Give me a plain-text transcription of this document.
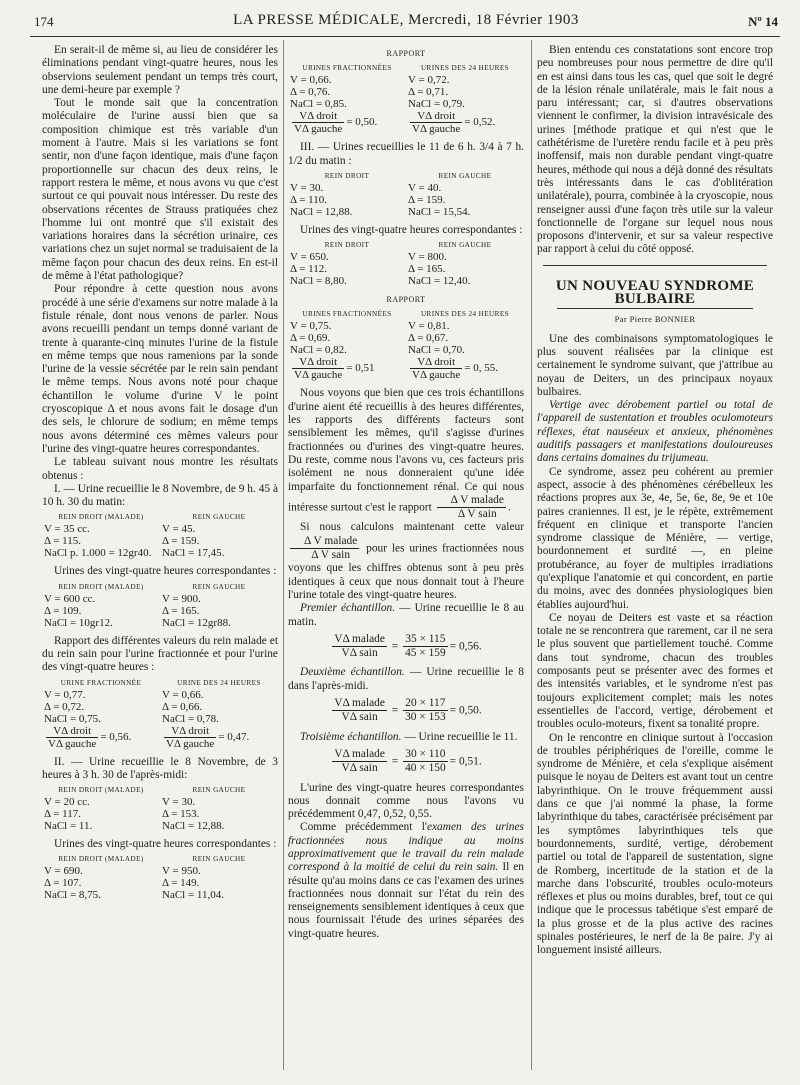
174	LA PRESSE MÉDICALE, Mercredi, 18 Février 1903	Nº 14

En serait-il de même si, au lieu de considérer les éliminations pendant vingt-quatre heures, nous les observions seulement pendant un temps très court, une demi-heure par exemple ?

Tout le monde sait que la concentration moléculaire de l'urine aussi bien que sa composition chimique est très variable d'un moment à l'autre. Mais si les variations se font sentir, non d'une façon identique, mais d'une façon proportionnelle sur chacun des deux reins, le rapport restera le même, et nous avons vu que c'est surtout ce qui pouvait nous intéresser. Du reste des observations récentes de Strauss pratiquées chez l'homme lui ont montré que s'il existait des variations horaires dans la sécrétion urinaire, ces variations chez un sujet normal se traduisaient de la même façon pour chacun des deux reins. En est-il de même à l'état pathologique?

Pour répondre à cette question nous avons procédé à une série d'examens sur notre malade à la fistule rénale, dont nous venons de parler. Nous avons recueilli pendant un temps donné variant de trente à quarante-cinq minutes l'urine de la fistule en même temps que nous ramenions par la sonde l'urine de la vessie sécrétée par le rein sain pendant le même temps. Nous avons noté pour chaque échantillon le volume d'urine V le point cryoscopique Δ et nous avons fait le dosage d'un des sels, le chlorure de sodium; en même temps nous avons déterminé ces mêmes valeurs pour l'urine des vingt-quatre heures correspondantes.

Le tableau suivant nous montre les résultats obtenus :

I. — Urine recueillie le 8 Novembre, de 9 h. 45 à 10 h. 30 du matin:

REIN DROIT (MALADE)	REIN GAUCHE
V = 35 cc.	V = 45.
Δ = 115.	Δ = 159.
NaCl p. 1.000 = 12gr40.	NaCl = 17,45.

Urines des vingt-quatre heures correspondantes :

REIN DROIT (MALADE)	REIN GAUCHE
V = 600 cc.	V = 900.
Δ = 109.	Δ = 165.
NaCl = 10gr12.	NaCl = 12gr88.

Rapport des différentes valeurs du rein malade et du rein sain pour l'urine fractionnée et pour l'urine des vingt-quatre heures :

URINE FRACTIONNÉE	URINE DES 24 HEURES
V = 0,77.	V = 0,66.
Δ = 0,72.	Δ = 0,66.
NaCl = 0,75.	NaCl = 0,78.

$\frac{\text{VΔ droit}}{\text{VΔ gauche}} = 0,56$.	$\frac{\text{VΔ droit}}{\text{VΔ gauche}} = 0,47$.

II. — Urine recueillie le 8 Novembre, de 3 heures à 3 h. 30 de l'après-midi:

REIN DROIT (MALADE)	REIN GAUCHE
V = 20 cc.	V = 30.
Δ = 117.	Δ = 153.
NaCl = 11.	NaCl = 12,88.

Urines des vingt-quatre heures correspondantes :

REIN DROIT (MALADE)	REIN GAUCHE
V = 690.	V = 950.
Δ = 107.	Δ = 149.
NaCl = 8,75.	NaCl = 11,04.
RAPPORT
URINES FRACTIONNÉES	URINES DES 24 HEURES
V = 0,66.	V = 0,72.
Δ = 0,76.	Δ = 0,71.
NaCl = 0,85.	NaCl = 0,79.

$\frac{\text{VΔ droit}}{\text{VΔ gauche}} = 0,50$.	$\frac{\text{VΔ droit}}{\text{VΔ gauche}} = 0,52$.

III. — Urines recueillies le 11 de 6 h. 3/4 à 7 h. 1/2 du matin :

REIN DROIT	REIN GAUCHE
V = 30.	V = 40.
Δ = 110.	Δ = 159.
NaCl = 12,88.	NaCl = 15,54.

Urines des vingt-quatre heures correspondantes :

REIN DROIT	REIN GAUCHE
V = 650.	V = 800.
Δ = 112.	Δ = 165.
NaCl = 8,80.	NaCl = 12,40.
RAPPORT
URINES FRACTIONNÉES	URINES DES 24 HEURES
V = 0,75.	V = 0,81.
Δ = 0,69.	Δ = 0,67.
NaCl = 0,82.	NaCl = 0,70.

$\frac{\text{VΔ droit}}{\text{VΔ gauche}} = 0,51$	$\frac{\text{VΔ droit}}{\text{VΔ gauche}} = 0$, 55.

Nous voyons que bien que ces trois échantillons d'urine aient été recueillis à des heures différentes, les rapports des différents facteurs sont sensiblement les mêmes, qu'il s'agisse d'urines fractionnées ou d'urines des vingt-quatre heures. Du reste, comme nous l'avons vu, ces facteurs pris isolément ne nous donneraient qu'une idée imparfaite du fonctionnement rénal. Ce qui nous intéresse surtout c'est le rapport $\frac{\text{Δ V malade}}{\text{Δ V sain}}$ .

Si nous calculons maintenant cette valeur
$\frac{\text{Δ V malade}}{\text{Δ V sain}}$ pour les urines fractionnées nous voyons que les chiffres obtenus sont à peu près identiques à ceux que nous donnait tout à l'heure l'urine totale des vingt-quatre heures.

Premier échantillon. — Urine recueillie le 8 au matin.

$\frac{\text{VΔ malade}}{\text{VΔ sain}} = \frac{35 \times 115}{45 \times 159} = 0,56$.

Deuxième échantillon. — Urine recueillie le 8 dans l'après-midi.

$\frac{\text{VΔ malade}}{\text{VΔ sain}} = \frac{20 \times 117}{30 \times 153} = 0,50$.

Troisième échantillon. — Urine recueillie le 11.

$\frac{\text{VΔ malade}}{\text{VΔ sain}} = \frac{30 \times 110}{40 \times 150} = 0,51$.

L'urine des vingt-quatre heures correspondantes nous donnait comme nous l'avons vu précédemment 0,47, 0,52, 0,55.

Comme précédemment l'examen des urines fractionnées nous indique au moins approximativement que le travail du rein malade correspond à la moitié de celui du rein sain. Il en résulte qu'au moins dans ce cas l'examen des urines fractionnées nous donnait sur l'état du rein des renseignements sensiblement identiques à ceux que nous fournissait l'étude des urines séparées des vingt-quatre heures.

Bien entendu ces constatations sont encore trop peu nombreuses pour nous permettre de dire qu'il en est ainsi dans tous les cas, quel que soit le degré de la lésion rénale unilatérale, mais le fait nous a paru intéressant; car, si d'autres observations viennent le confirmer, la division intravésicale des urines [méthode pratique et qui n'est que le cathétérisme de l'uretère rendu facile et à peu près inoffensif, mais non durable pendant vingt-quatre heures, méthode qui nous a déjà donné des résultats très intéressants dans le cas d'oblitération unilatérale), pourra, combinée à la cryoscopie, nous renseigner aussi d'une façon très utile sur la valeur fonctionnelle de l'organe sur lequel nous nous proposons d'intervenir, et sur sa valeur respective par rapport à celui du côté opposé.

UN NOUVEAU SYNDROME BULBAIRE
Par Pierre BONNIER

Une des combinaisons symptomatologiques le plus souvent réalisées par la clinique est certainement le syndrome suivant, que j'attribue au noyau de Deiters, un des principaux noyaux bulbaires.

Vertige avec dérobement partiel ou total de l'appareil de sustentation et troubles oculomoteurs réflexes, état nauséeux et anxieux, phénomènes auditifs passagers et manifestations douloureuses dans certains domaines du trijumeau.

Ce syndrome, assez peu cohérent au premier aspect, associe à des phénomènes cérébelleux les réactions propres aux 3e, 4e, 5e, 6e, 8e, 9e et 10e paires craniennes. Il est, je le répète, extrêmement fréquent en clinique et transporte l'ancien syndrome classique de Ménière, — vertige, bourdonnement et surdité —, en pleine protubérance, au foyer de multiples irradiations qu'explique l'anatomie et qui concordent, en partie du moins, avec des données physiologiques bien établies aujourd'hui.

Ce noyau de Deiters est vaste et sa réaction totale ne se rencontrera que rarement, car il ne sera le plus souvent que partiellement touché. Comme dans tout syndrome, chacun des troubles composants peut se présenter avec des formes et des intensités variables, et le syndrome n'est pas toujours explicitement complet; mais les notes essentielles de l'accord, vertige, dérobement et troubles oculo-moteurs, fixent sa tonalité propre.

On le rencontre en clinique surtout à l'occasion de troubles périphériques de l'oreille, comme le syndrome de Ménière, et cela s'explique aisément puisque le noyau de Deiters est avant tout un centre labyrinthique. On le trouve fréquemment aussi dans ce que j'ai nommé la phase, la forme labyrinthique du tabes, caractérisée précisément par les symptômes labyrinthiques tels que bourdonnements, surdité, vertige, dérobement partiel ou total de l'appareil de sustentation, signe de Romberg, incertitude de la station et de la marche dans l'obscurité, troubles oculo-moteurs réflexes et plus ou moins durables, bref, tout ce qui indique que le processus tabétique s'est emparé de la plus grosse et de la plus active des racines spinales postérieures, le nerf de la 8e paire. J'y ai longuement insisté ailleurs.
